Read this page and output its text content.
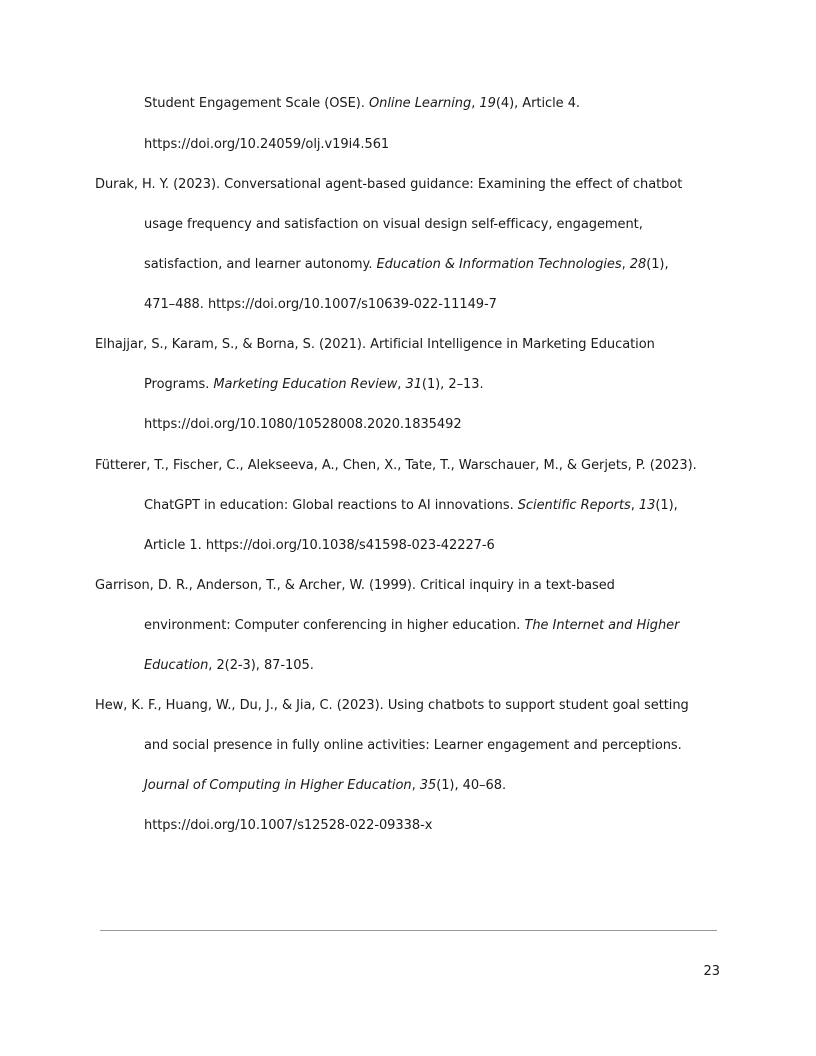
Student Engagement Scale (OSE). Online Learning, 19(4), Article 4.
https://doi.org/10.24059/olj.v19i4.561
Durak, H. Y. (2023). Conversational agent-based guidance: Examining the effect of chatbot
usage frequency and satisfaction on visual design self-efficacy, engagement,
satisfaction, and learner autonomy. Education & Information Technologies, 28(1),
471–488. https://doi.org/10.1007/s10639-022-11149-7
Elhajjar, S., Karam, S., & Borna, S. (2021). Artificial Intelligence in Marketing Education
Programs. Marketing Education Review, 31(1), 2–13.
https://doi.org/10.1080/10528008.2020.1835492
Fütterer, T., Fischer, C., Alekseeva, A., Chen, X., Tate, T., Warschauer, M., & Gerjets, P. (2023).
ChatGPT in education: Global reactions to AI innovations. Scientific Reports, 13(1),
Article 1. https://doi.org/10.1038/s41598-023-42227-6
Garrison, D. R., Anderson, T., & Archer, W. (1999). Critical inquiry in a text-based
environment: Computer conferencing in higher education. The Internet and Higher
Education, 2(2-3), 87-105.
Hew, K. F., Huang, W., Du, J., & Jia, C. (2023). Using chatbots to support student goal setting
and social presence in fully online activities: Learner engagement and perceptions.
Journal of Computing in Higher Education, 35(1), 40–68.
https://doi.org/10.1007/s12528-022-09338-x
23
